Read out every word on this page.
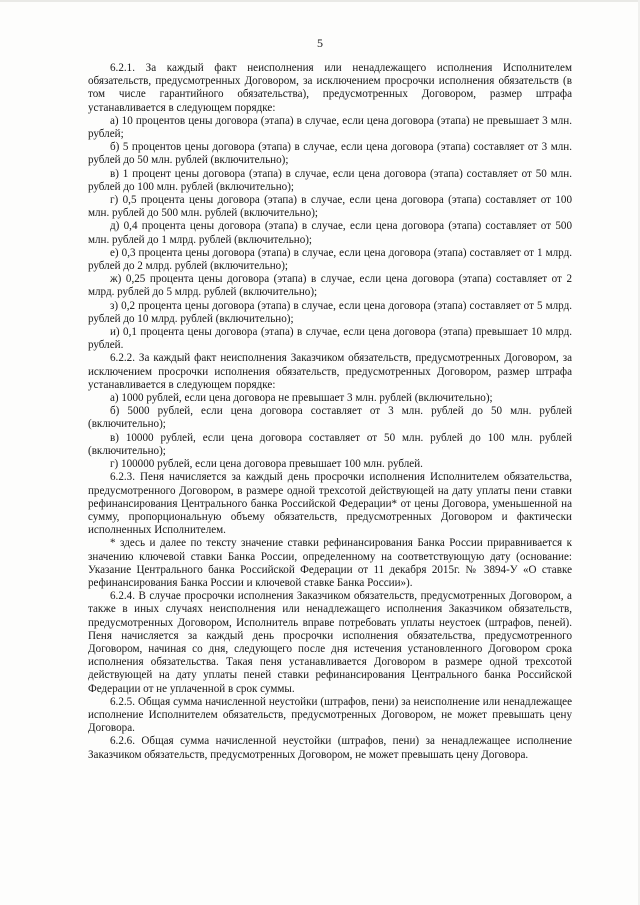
5

6.2.1. За каждый факт неисполнения или ненадлежащего исполнения Исполнителем обязательств, предусмотренных Договором, за исключением просрочки исполнения обязательств (в том числе гарантийного обязательства), предусмотренных Договором, размер штрафа устанавливается в следующем порядке:

а) 10 процентов цены договора (этапа) в случае, если цена договора (этапа) не превышает 3 млн. рублей;

б) 5 процентов цены договора (этапа) в случае, если цена договора (этапа) составляет от 3 млн. рублей до 50 млн. рублей (включительно);

в) 1 процент цены договора (этапа) в случае, если цена договора (этапа) составляет от 50 млн. рублей до 100 млн. рублей (включительно);

г) 0,5 процента цены договора (этапа) в случае, если цена договора (этапа) составляет от 100 млн. рублей до 500 млн. рублей (включительно);

д) 0,4 процента цены договора (этапа) в случае, если цена договора (этапа) составляет от 500 млн. рублей до 1 млрд. рублей (включительно);

е) 0,3 процента цены договора (этапа) в случае, если цена договора (этапа) составляет от 1 млрд. рублей до 2 млрд. рублей (включительно);

ж) 0,25 процента цены договора (этапа) в случае, если цена договора (этапа) составляет от 2 млрд. рублей до 5 млрд. рублей (включительно);

з) 0,2 процента цены договора (этапа) в случае, если цена договора (этапа) составляет от 5 млрд. рублей до 10 млрд. рублей (включительно);

и) 0,1 процента цены договора (этапа) в случае, если цена договора (этапа) превышает 10 млрд. рублей.

6.2.2. За каждый факт неисполнения Заказчиком обязательств, предусмотренных Договором, за исключением просрочки исполнения обязательств, предусмотренных Договором, размер штрафа устанавливается в следующем порядке:

а) 1000 рублей, если цена договора не превышает 3 млн. рублей (включительно);

б) 5000 рублей, если цена договора составляет от 3 млн. рублей до 50 млн. рублей (включительно);

в) 10000 рублей, если цена договора составляет от 50 млн. рублей до 100 млн. рублей (включительно);

г) 100000 рублей, если цена договора превышает 100 млн. рублей.

6.2.3. Пеня начисляется за каждый день просрочки исполнения Исполнителем обязательства, предусмотренного Договором, в размере одной трехсотой действующей на дату уплаты пени ставки рефинансирования Центрального банка Российской Федерации* от цены Договора, уменьшенной на сумму, пропорциональную объему обязательств, предусмотренных Договором и фактически исполненных Исполнителем.

* здесь и далее по тексту значение ставки рефинансирования Банка России приравнивается к значению ключевой ставки Банка России, определенному на соответствующую дату (основание: Указание Центрального банка Российской Федерации от 11 декабря 2015г. № 3894-У «О ставке рефинансирования Банка России и ключевой ставке Банка России»).

6.2.4. В случае просрочки исполнения Заказчиком обязательств, предусмотренных Договором, а также в иных случаях неисполнения или ненадлежащего исполнения Заказчиком обязательств, предусмотренных Договором, Исполнитель вправе потребовать уплаты неустоек (штрафов, пеней). Пеня начисляется за каждый день просрочки исполнения обязательства, предусмотренного Договором, начиная со дня, следующего после дня истечения установленного Договором срока исполнения обязательства. Такая пеня устанавливается Договором в размере одной трехсотой действующей на дату уплаты пеней ставки рефинансирования Центрального банка Российской Федерации от не уплаченной в срок суммы.

6.2.5. Общая сумма начисленной неустойки (штрафов, пени) за неисполнение или ненадлежащее исполнение Исполнителем обязательств, предусмотренных Договором, не может превышать цену Договора.

6.2.6. Общая сумма начисленной неустойки (штрафов, пени) за ненадлежащее исполнение Заказчиком обязательств, предусмотренных Договором, не может превышать цену Договора.
